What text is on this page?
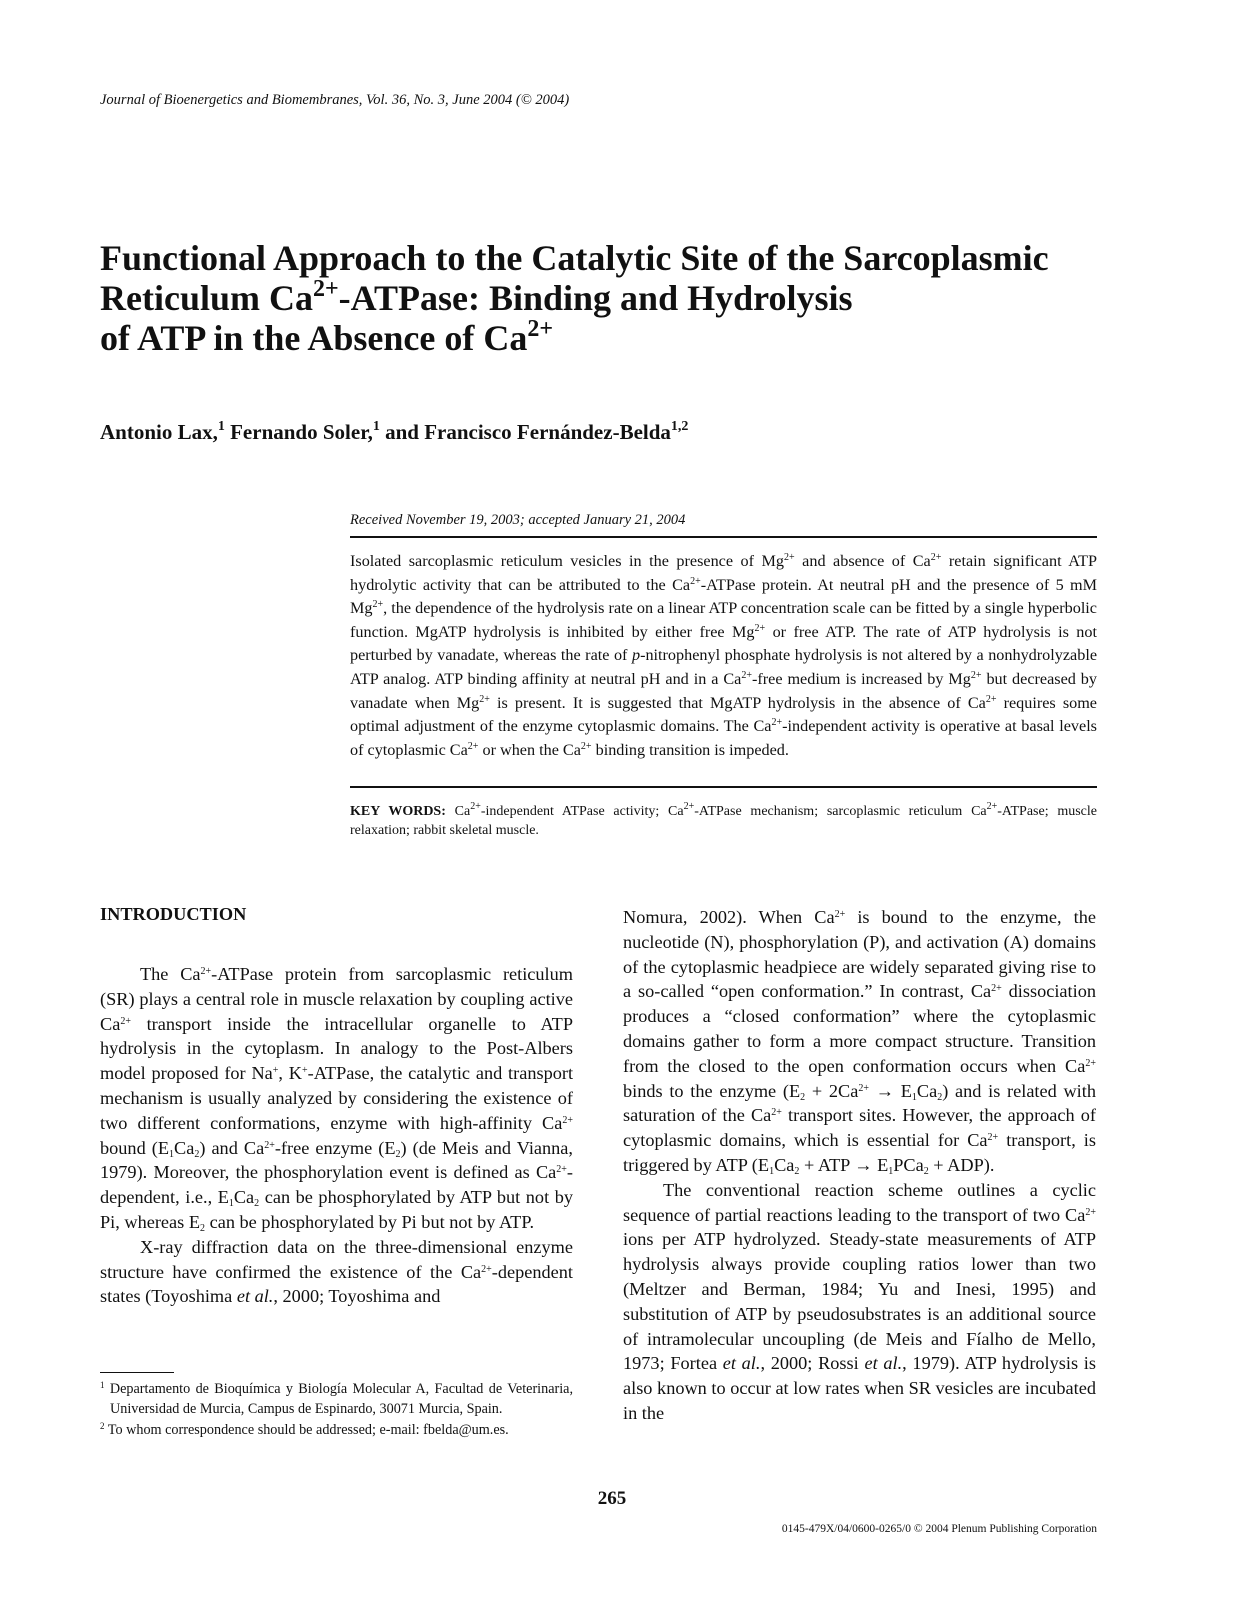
Journal of Bioenergetics and Biomembranes, Vol. 36, No. 3, June 2004 (© 2004)
Functional Approach to the Catalytic Site of the Sarcoplasmic
Reticulum $Ca^{2+}$-ATPase: Binding and Hydrolysis
of ATP in the Absence of $Ca^{2+}$
Antonio Lax,$^1$ Fernando Soler,$^1$ and Francisco Fernández-Belda$^{1,2}$
Received November 19, 2003; accepted January 21, 2004

Isolated sarcoplasmic reticulum vesicles in the presence of $Mg^{2+}$ and absence of $Ca^{2+}$ retain significant ATP hydrolytic activity that can be attributed to the $Ca^{2+}$-ATPase protein. At neutral pH and the presence of 5 mM $Mg^{2+}$, the dependence of the hydrolysis rate on a linear ATP concentration scale can be fitted by a single hyperbolic function. MgATP hydrolysis is inhibited by either free $Mg^{2+}$ or free ATP. The rate of ATP hydrolysis is not perturbed by vanadate, whereas the rate of p-nitrophenyl phosphate hydrolysis is not altered by a nonhydrolyzable ATP analog. ATP binding affinity at neutral pH and in a $Ca^{2+}$-free medium is increased by $Mg^{2+}$ but decreased by vanadate when $Mg^{2+}$ is present. It is suggested that MgATP hydrolysis in the absence of $Ca^{2+}$ requires some optimal adjustment of the enzyme cytoplasmic domains. The $Ca^{2+}$-independent activity is operative at basal levels of cytoplasmic $Ca^{2+}$ or when the $Ca^{2+}$ binding transition is impeded.

KEY WORDS: $Ca^{2+}$-independent ATPase activity; $Ca^{2+}$-ATPase mechanism; sarcoplasmic reticulum $Ca^{2+}$-ATPase; muscle relaxation; rabbit skeletal muscle.

INTRODUCTION

The $Ca^{2+}$-ATPase protein from sarcoplasmic reticulum (SR) plays a central role in muscle relaxation by coupling active $Ca^{2+}$ transport inside the intracellular organelle to ATP hydrolysis in the cytoplasm. In analogy to the Post-Albers model proposed for Na+, K+-ATPase, the catalytic and transport mechanism is usually analyzed by considering the existence of two different conformations, enzyme with high-affinity $Ca^{2+}$ bound $(E_1Ca_2)$ and $Ca^{2+}$-free enzyme $(E_2)$ (de Meis and Vianna, 1979). Moreover, the phosphorylation event is defined as $Ca^{2+}$-dependent, i.e., $E_1Ca_2$ can be phosphorylated by ATP but not by Pi, whereas $E_2$ can be phosphorylated by Pi but not by ATP.

X-ray diffraction data on the three-dimensional enzyme structure have confirmed the existence of the $Ca^{2+}$-dependent states (Toyoshima et al., 2000; Toyoshima and

Nomura, 2002). When $Ca^{2+}$ is bound to the enzyme, the nucleotide (N), phosphorylation (P), and activation (A) domains of the cytoplasmic headpiece are widely separated giving rise to a so-called “open conformation.” In contrast, $Ca^{2+}$ dissociation produces a “closed conformation” where the cytoplasmic domains gather to form a more compact structure. Transition from the closed to the open conformation occurs when $Ca^{2+}$ binds to the enzyme $(E_2 + 2Ca^{2+} \to E_1Ca_2)$ and is related with saturation of the $Ca^{2+}$ transport sites. However, the approach of cytoplasmic domains, which is essential for $Ca^{2+}$ transport, is triggered by ATP ($E_1Ca_2$ + ATP → $E_1PCa_2 + ADP$).

The conventional reaction scheme outlines a cyclic sequence of partial reactions leading to the transport of two $Ca^{2+}$ ions per ATP hydrolyzed. Steady-state measurements of ATP hydrolysis always provide coupling ratios lower than two (Meltzer and Berman, 1984; Yu and Inesi, 1995) and substitution of ATP by pseudosubstrates is an additional source of intramolecular uncoupling (de Meis and Fíalho de Mello, 1973; Fortea et al., 2000; Rossi et al., 1979). ATP hydrolysis is also known to occur at low rates when SR vesicles are incubated in the

$^1$ Departamento de Bioquímica y Biología Molecular A, Facultad de Veterinaria, Universidad de Murcia, Campus de Espinardo, 30071 Murcia, Spain.

$^2$ To whom correspondence should be addressed; e-mail: fbelda@um.es.

265
0145-479X/04/0600-0265/0 © 2004 Plenum Publishing Corporation
